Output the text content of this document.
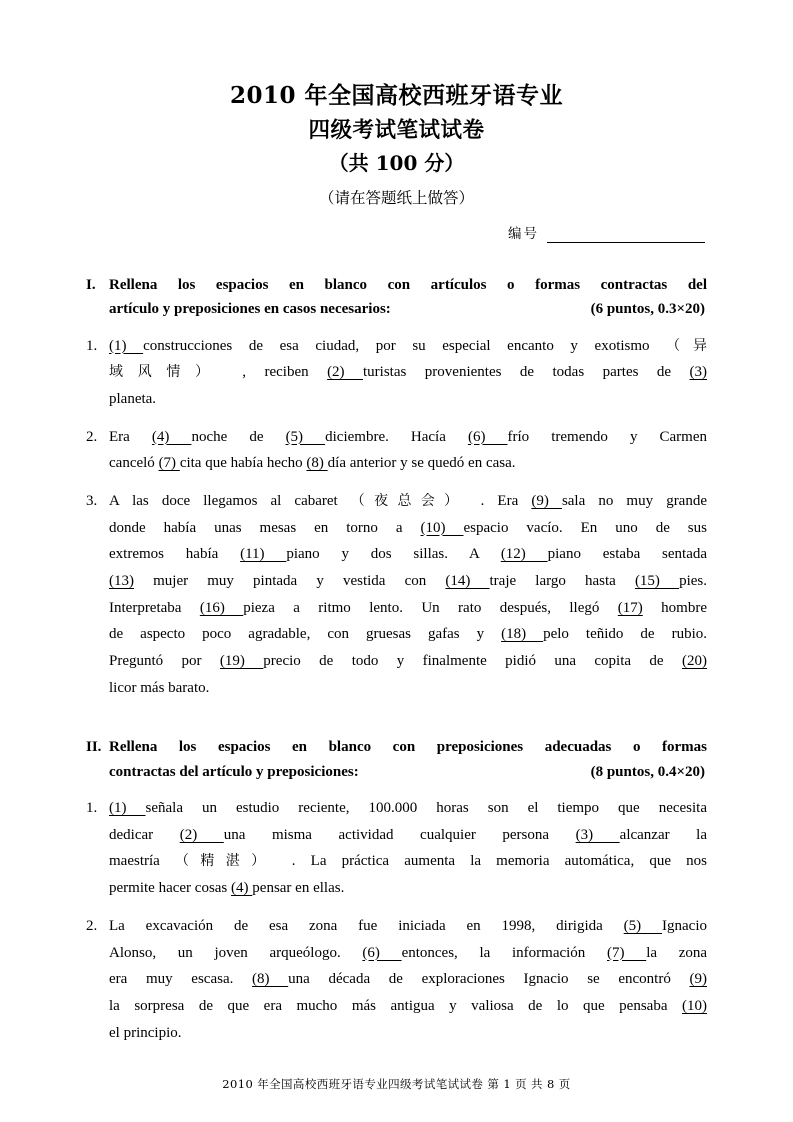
2010 年全国高校西班牙语专业
四级考试笔试试卷
（共 100 分）
（请在答题纸上做答）
编号
I. Rellena los espacios en blanco con artículos o formas contractas del
artículo y preposiciones en casos necesarios:	(6 puntos, 0.3×20)
1. (1) construcciones de esa ciudad, por su especial encanto y exotismo （异
域风情） , reciben (2) turistas provenientes de todas partes de (3)
planeta.
2. Era (4) noche de (5) diciembre. Hacía (6) frío tremendo y Carmen
canceló (7) cita que había hecho (8) día anterior y se quedó en casa.
3. A las doce llegamos al cabaret （夜总会） . Era (9) sala no muy grande
donde había unas mesas en torno a (10) espacio vacío. En uno de sus
extremos había (11) piano y dos sillas. A (12) piano estaba sentada
(13) mujer muy pintada y vestida con (14) traje largo hasta (15) pies.
Interpretaba (16) pieza a ritmo lento. Un rato después, llegó (17) hombre
de aspecto poco agradable, con gruesas gafas y (18) pelo teñido de rubio.
Preguntó por (19) precio de todo y finalmente pidió una copita de (20)
licor más barato.
II. Rellena los espacios en blanco con preposiciones adecuadas o formas
contractas del artículo y preposiciones:	(8 puntos, 0.4×20)
1. (1) señala un estudio reciente, 100.000 horas son el tiempo que necesita
dedicar (2) una misma actividad cualquier persona (3) alcanzar la
maestría （精湛） . La práctica aumenta la memoria automática, que nos
permite hacer cosas (4) pensar en ellas.
2. La excavación de esa zona fue iniciada en 1998, dirigida (5) Ignacio
Alonso, un joven arqueólogo. (6) entonces, la información (7) la zona
era muy escasa. (8) una década de exploraciones Ignacio se encontró (9)
la sorpresa de que era mucho más antigua y valiosa de lo que pensaba (10)
el principio.
2010 年全国高校西班牙语专业四级考试笔试试卷 第 1 页 共 8 页
